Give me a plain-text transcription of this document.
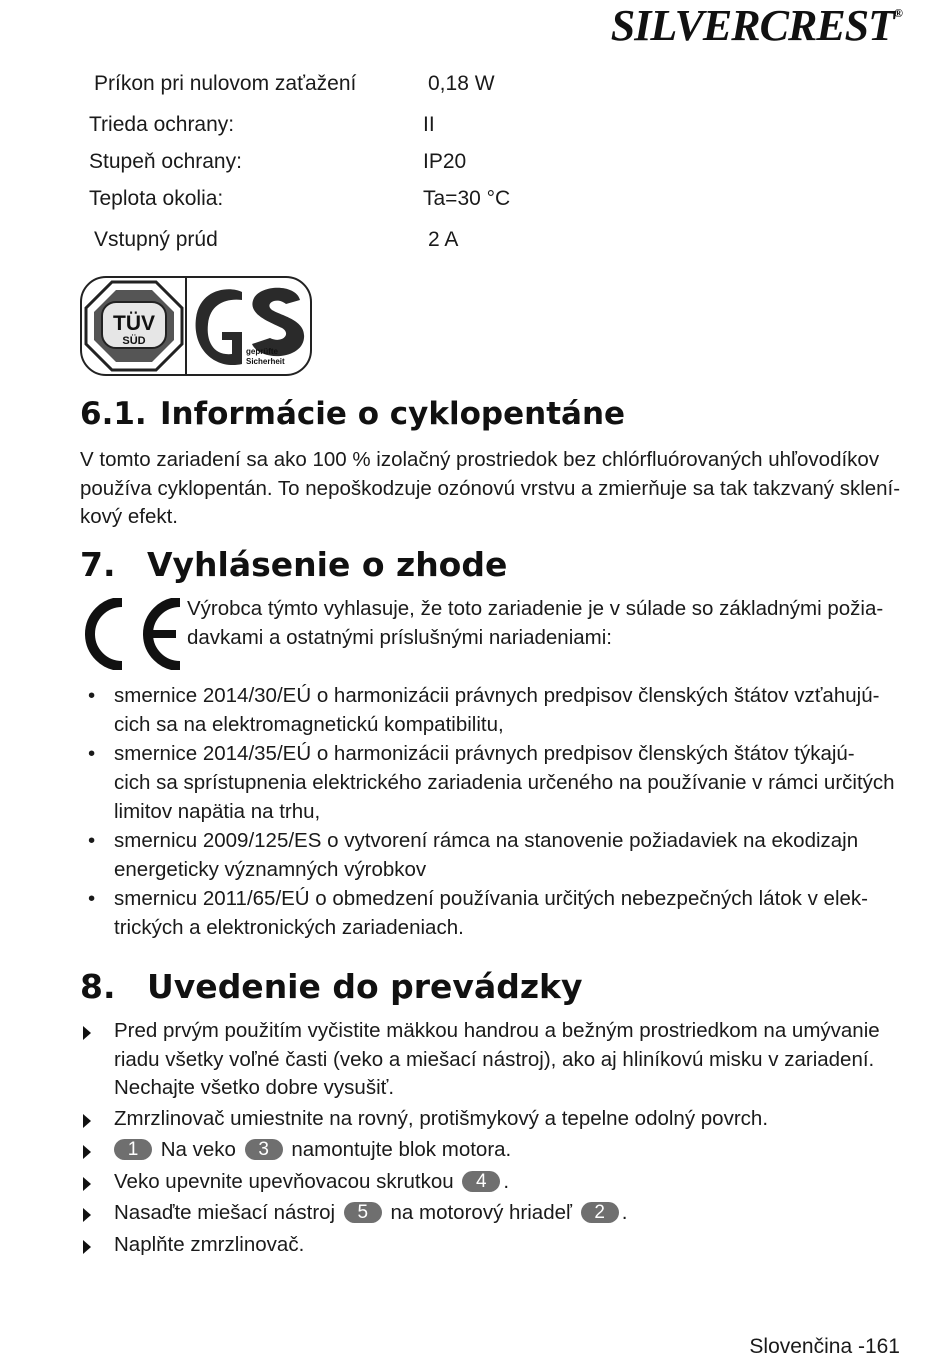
SILVERCREST®
Príkon pri nulovom zaťažení	0,18 W
Trieda ochrany:	II
Stupeň ochrany:	IP20
Teplota okolia:	Ta=30 °C
Vstupný prúd	2 A
TÜV
SÜD
geprüfte
Sicherheit
6.1. Informácie o cyklopentáne
V tomto zariadení sa ako 100 % izolačný prostriedok bez chlórfluórovaných uhľovodíkov
používa cyklopentán. To nepoškodzuje ozónovú vrstvu a zmierňuje sa tak takzvaný sklení-
kový efekt.
7. Vyhlásenie o zhode
Výrobca týmto vyhlasuje, že toto zariadenie je v súlade so základnými požia-
davkami a ostatnými príslušnými nariadeniami:
• smernice 2014/30/EÚ o harmonizácii právnych predpisov členských štátov vzťahujú-
cich sa na elektromagnetickú kompatibilitu,
• smernice 2014/35/EÚ o harmonizácii právnych predpisov členských štátov týkajú-
cich sa sprístupnenia elektrického zariadenia určeného na používanie v rámci určitých
limitov napätia na trhu,
• smernicu 2009/125/ES o vytvorení rámca na stanovenie požiadaviek na ekodizajn
energeticky významných výrobkov
• smernicu 2011/65/EÚ o obmedzení používania určitých nebezpečných látok v elek-
trických a elektronických zariadeniach.
8. Uvedenie do prevádzky
Pred prvým použitím vyčistite mäkkou handrou a bežným prostriedkom na umývanie
riadu všetky voľné časti (veko a miešací nástroj), ako aj hliníkovú misku v zariadení.
Nechajte všetko dobre vysušiť.
Zmrzlinovač umiestnite na rovný, protišmykový a tepelne odolný povrch.
1 Na veko 3 namontujte blok motora.
Veko upevnite upevňovacou skrutkou 4 .
Nasaďte miešací nástroj 5 na motorový hriadeľ 2 .
Naplňte zmrzlinovač.
Slovenčina -161
